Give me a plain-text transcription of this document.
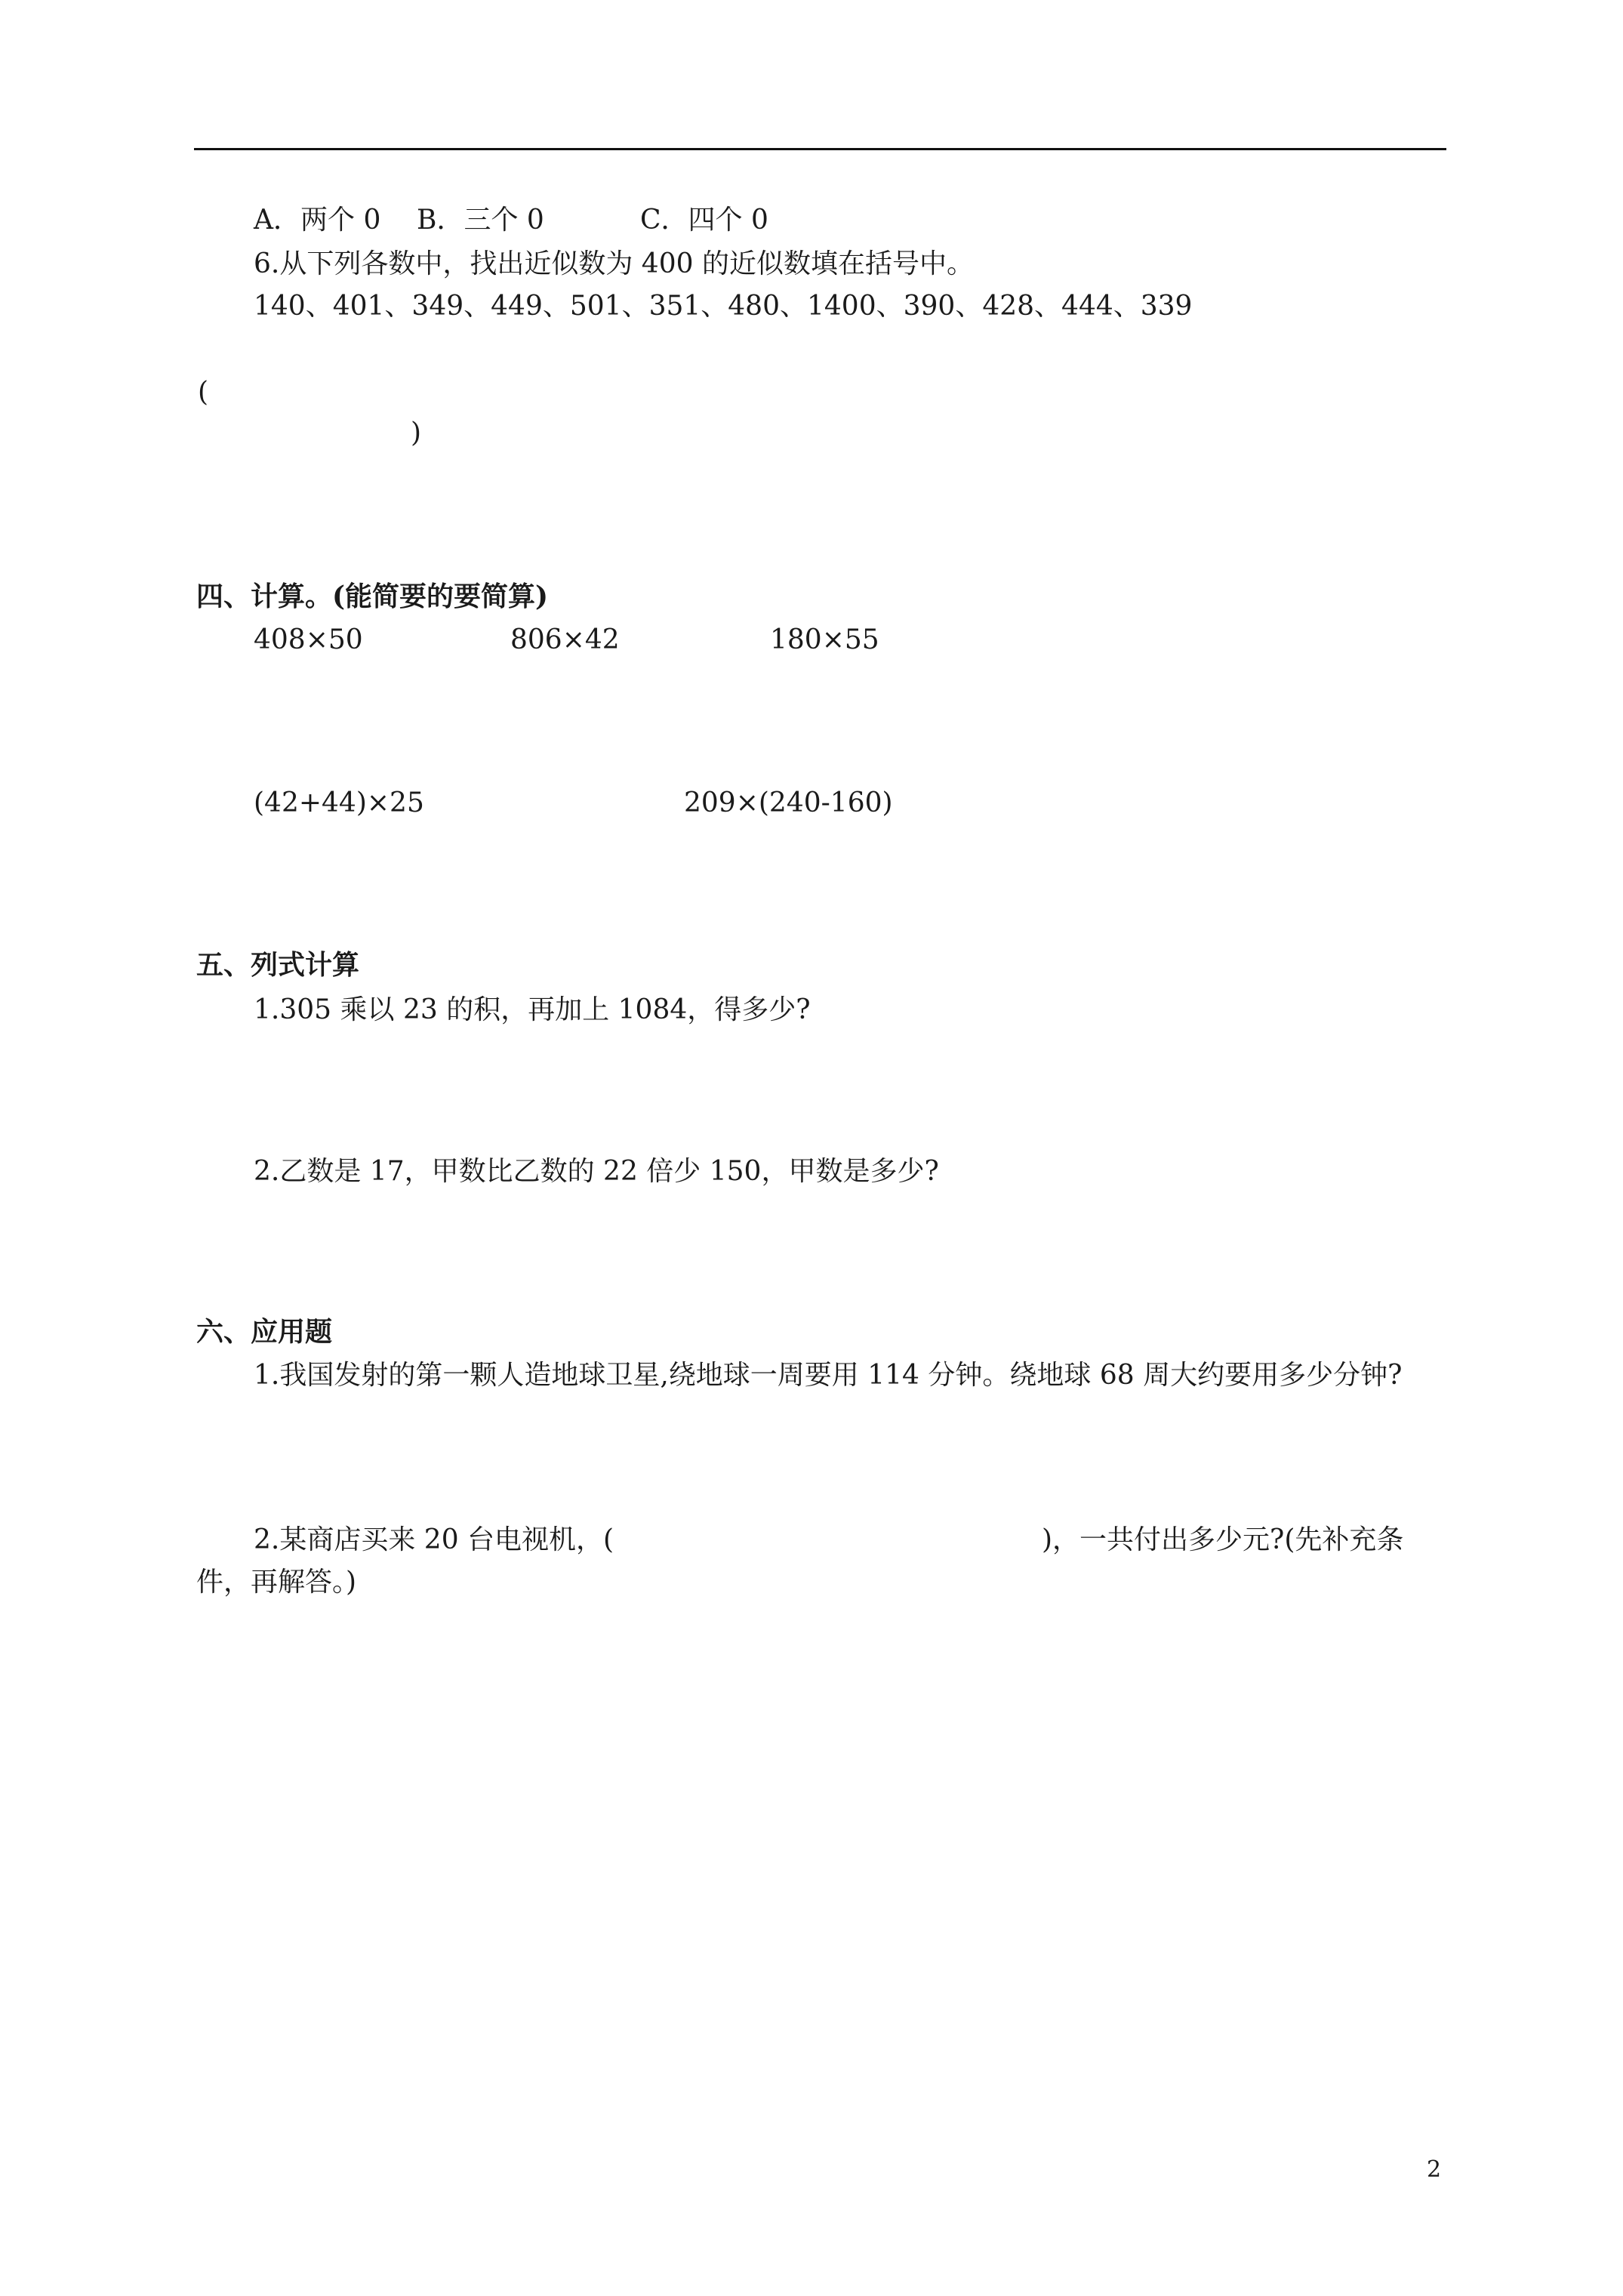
A．两个 0 B．三个 0	C．四个 0
6.从下列各数中，找出近似数为 400 的近似数填在括号中。
140、401、349、449、501、351、480、1400、390、428、444、339
(
)
四、计算。(能简要的要简算)
408×50	806×42	180×55
(42+44)×25	209×(240-160)
五、列式计算
1.305 乘以 23 的积，再加上 1084，得多少?
2.乙数是 17，甲数比乙数的 22 倍少 150，甲数是多少?
六、应用题
1.我国发射的第一颗人造地球卫星,绕地球一周要用 114 分钟。绕地球 68 周大约要用多少分钟?
2.某商店买来 20 台电视机，(	)，一共付出多少元?(先补充条
件，再解答。)
2
